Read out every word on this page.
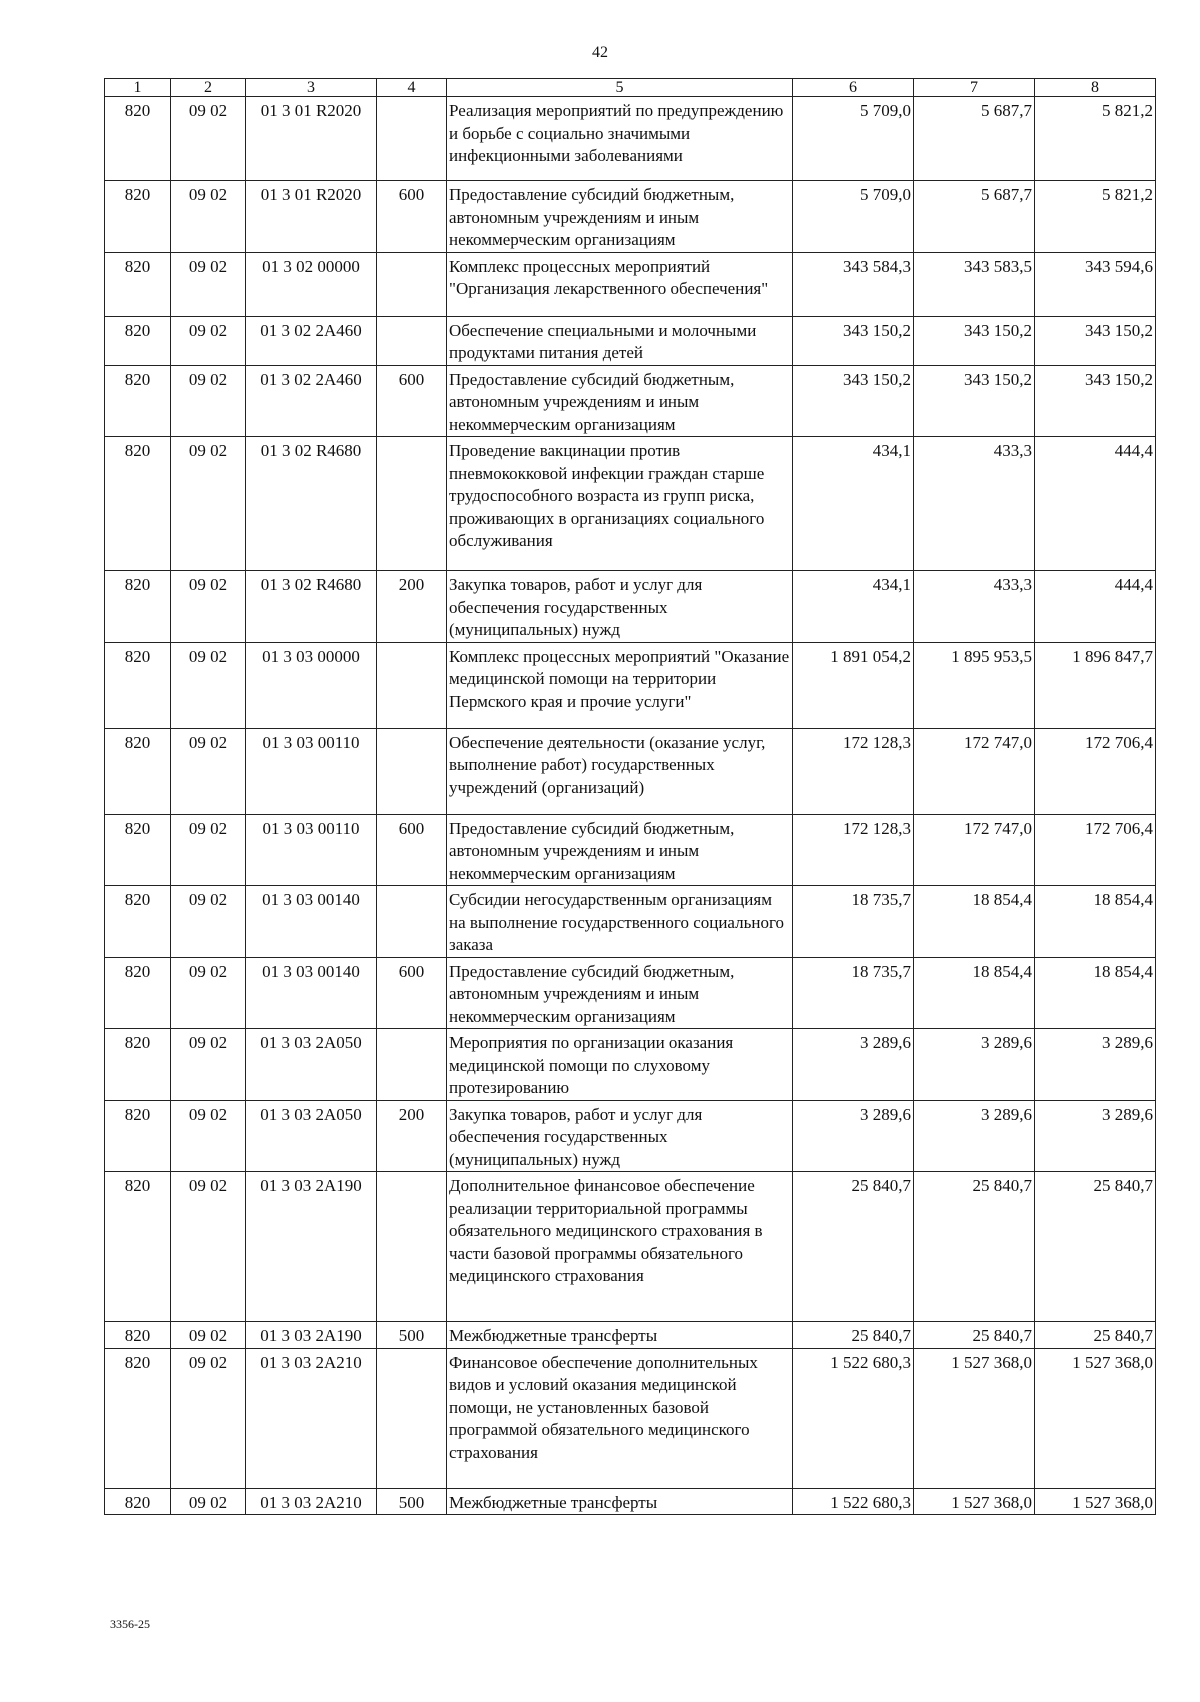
42
1	2	3	4	5	6	7	8
820	09 02	01 3 01 R2020		Реализация мероприятий по предупреждению и борьбе с социально значимыми инфекционными заболеваниями	5 709,0	5 687,7	5 821,2
820	09 02	01 3 01 R2020	600	Предоставление субсидий бюджетным, автономным учреждениям и иным некоммерческим организациям	5 709,0	5 687,7	5 821,2
820	09 02	01 3 02 00000		Комплекс процессных мероприятий "Организация лекарственного обеспечения"	343 584,3	343 583,5	343 594,6
820	09 02	01 3 02 2А460		Обеспечение специальными и молочными продуктами питания детей	343 150,2	343 150,2	343 150,2
820	09 02	01 3 02 2А460	600	Предоставление субсидий бюджетным, автономным учреждениям и иным некоммерческим организациям	343 150,2	343 150,2	343 150,2
820	09 02	01 3 02 R4680		Проведение вакцинации против пневмококковой инфекции граждан старше трудоспособного возраста из групп риска, проживающих в организациях социального обслуживания	434,1	433,3	444,4
820	09 02	01 3 02 R4680	200	Закупка товаров, работ и услуг для обеспечения государственных (муниципальных) нужд	434,1	433,3	444,4
820	09 02	01 3 03 00000		Комплекс процессных мероприятий "Оказание медицинской помощи на территории Пермского края и прочие услуги"	1 891 054,2	1 895 953,5	1 896 847,7
820	09 02	01 3 03 00110		Обеспечение деятельности (оказание услуг, выполнение работ) государственных учреждений (организаций)	172 128,3	172 747,0	172 706,4
820	09 02	01 3 03 00110	600	Предоставление субсидий бюджетным, автономным учреждениям и иным некоммерческим организациям	172 128,3	172 747,0	172 706,4
820	09 02	01 3 03 00140		Субсидии негосударственным организациям на выполнение государственного социального заказа	18 735,7	18 854,4	18 854,4
820	09 02	01 3 03 00140	600	Предоставление субсидий бюджетным, автономным учреждениям и иным некоммерческим организациям	18 735,7	18 854,4	18 854,4
820	09 02	01 3 03 2А050		Мероприятия по организации оказания медицинской помощи по слуховому протезированию	3 289,6	3 289,6	3 289,6
820	09 02	01 3 03 2А050	200	Закупка товаров, работ и услуг для обеспечения государственных (муниципальных) нужд	3 289,6	3 289,6	3 289,6
820	09 02	01 3 03 2А190		Дополнительное финансовое обеспечение реализации территориальной программы обязательного медицинского страхования в части базовой программы обязательного медицинского страхования	25 840,7	25 840,7	25 840,7
820	09 02	01 3 03 2А190	500	Межбюджетные трансферты	25 840,7	25 840,7	25 840,7
820	09 02	01 3 03 2А210		Финансовое обеспечение дополнительных видов и условий оказания медицинской помощи, не установленных базовой программой обязательного медицинского страхования	1 522 680,3	1 527 368,0	1 527 368,0
820	09 02	01 3 03 2А210	500	Межбюджетные трансферты	1 522 680,3	1 527 368,0	1 527 368,0
3356-25
